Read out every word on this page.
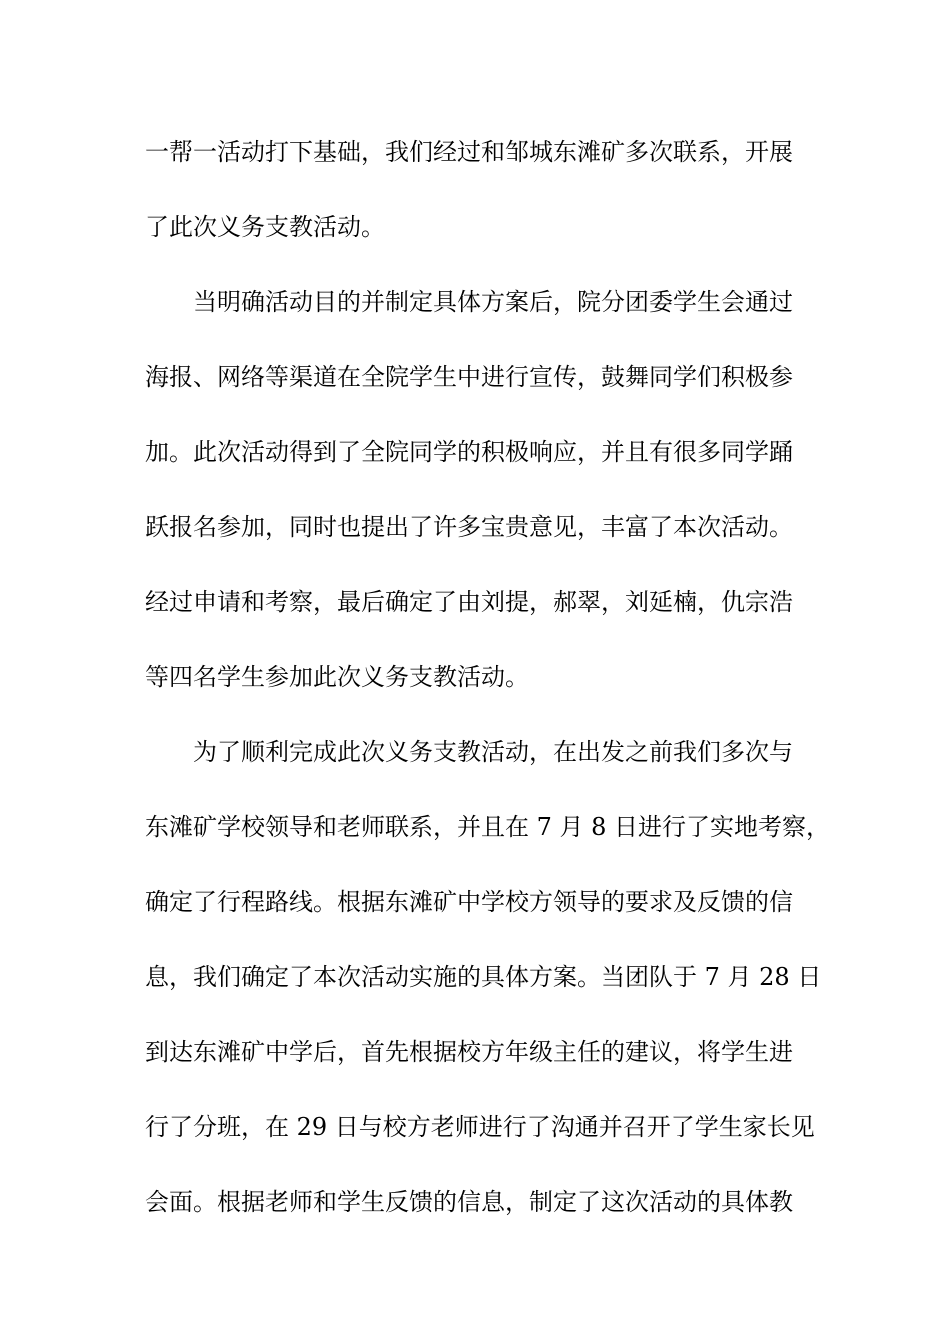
一帮一活动打下基础，我们经过和邹城东滩矿多次联系，开展
了此次义务支教活动。
当明确活动目的并制定具体方案后，院分团委学生会通过
海报、网络等渠道在全院学生中进行宣传，鼓舞同学们积极参
加。此次活动得到了全院同学的积极响应，并且有很多同学踊
跃报名参加，同时也提出了许多宝贵意见，丰富了本次活动。
经过申请和考察，最后确定了由刘提，郝翠，刘延楠，仇宗浩
等四名学生参加此次义务支教活动。
为了顺利完成此次义务支教活动，在出发之前我们多次与
东滩矿学校领导和老师联系，并且在 7 月 8 日进行了实地考察，
确定了行程路线。根据东滩矿中学校方领导的要求及反馈的信
息，我们确定了本次活动实施的具体方案。当团队于 7 月 28 日
到达东滩矿中学后，首先根据校方年级主任的建议，将学生进
行了分班，在 29 日与校方老师进行了沟通并召开了学生家长见
会面。根据老师和学生反馈的信息，制定了这次活动的具体教
